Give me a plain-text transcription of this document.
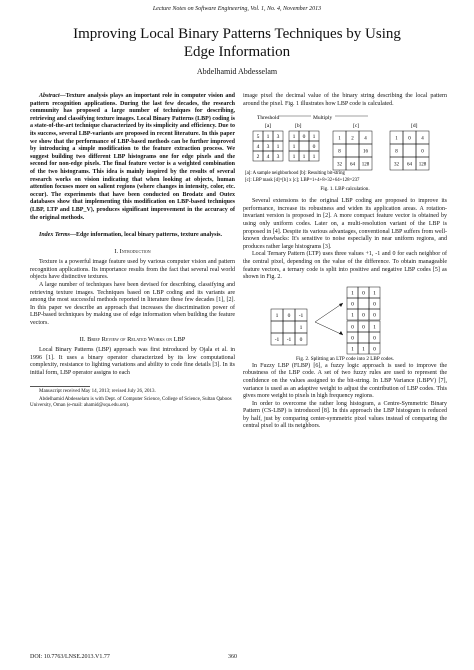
Lecture Notes on Software Engineering, Vol. 1, No. 4, November 2013
Improving Local Binary Patterns Techniques by Using
Edge Information
Abdelhamid Abdesselam

Abstract—Texture analysis plays an important role in computer vision and pattern recognition applications. During the last few decades, the research community has proposed a large number of techniques for describing, retrieving and classifying texture images. Local Binary Patterns (LBP) coding is a state-of-the-art technique characterized by its simplicity and efficiency. Due to its success, several LBP-variants are proposed in recent literature. In this paper we show that the performance of LBP-based methods can be further improved by introducing a simple modification to the feature extraction process. We suggest building two different LBP histograms one for edge pixels and the second for non-edge pixels. The final feature vector is a weighted combination of the two histograms. This idea is mainly inspired by the results of several research works on vision indicating that when looking at objects, human attention focuses more on salient regions (where changes in intensity, color, etc. occur). The experiments that have been conducted on Brodatz and Outex databases show that implementing this modification on LBP-based techniques (LBP, LTP and LBP_V), produces significant improvement in the accuracy of the original methods.

Index Terms—Edge information, local binary patterns, texture analysis.

I. Introduction

Texture is a powerful image feature used by various computer vision and pattern recognition applications. Its importance results from the fact that several real world objects have distinctive textures.

A large number of techniques have been devised for describing, classifying and retrieving texture images. Techniques based on LBP coding and its variants are among the most successful methods reported in literature these few decades [1], [2]. In this paper we describe an approach that increases the discrimination power of LBP-based techniques by making use of edge information when building the feature vectors.

II. Brief Review of Related Works on LBP

Local Binary Patterns (LBP) approach was first introduced by Ojala et al. in 1996 [1]. It uses a binary operator characterized by its low computational complexity, resistance to lighting variations and ability to code fine details [3]. In its initial form, LBP operator assigns to each

Manuscript received May 14, 2013; revised July 26, 2013.

Abdelhamid Abdesselam is with Dept. of Computer Science, College of Science, Sultan Qaboos University, Oman (e-mail: ahamid@squ.edu.om).

image pixel the decimal value of the binary string describing the local pattern around the pixel. Fig. 1 illustrates how LBP code is calculated.

Threshold	Multiply
[a]	[b]	[c]	[d]
5 1 3
4 3 1
2 4 3
1 0 1
1	0
1 1 1
1 2 4
8	16
32 64 128
1 0 4
8	0
32 64 128
[a]: A sample neighborhood [b]: Resulting bit-string
[c]: LBP mask [d]=[b] x [c]; LBP=1+4+8+32+64+128=237
Fig. 1. LBP calculation.

Several extensions to the original LBP coding are proposed to improve its performance, increase its robustness and widen its application areas. A rotation-invariant version is proposed in [2]. A more compact feature vector is obtained by using only uniform codes. Later on, a multi-resolution variant of the LBP is proposed in [4]. Despite its various advantages, conventional LBP suffers from well-known drawbacks: It's sensitive to noise especially in near uniform regions, and produces rather large histograms [3].

Local Ternary Pattern (LTP) uses three values +1, -1 and 0 for each neighbor of the central pixel, depending on the value of the difference. To obtain manageable feature vectors, a ternary code is split into positive and negative LBP codes [5] as shown in Fig. 2.

1 0 -1
1
-1 -1 0
1 0 1
0	0
1 0 0
0 0 1
0	0
1 1 0
Fig. 2. Splitting an LTP code into 2 LBP codes.

In Fuzzy LBP (FLBP) [6], a fuzzy logic approach is used to improve the robustness of the LBP code. A set of two fuzzy rules are used to represent the confidence on the values assigned to the bit-string. In LBP Variance (LBPV) [7], variance is used as an adaptive weight to adjust the contribution of LBP codes. This gives more weight to pixels in high frequency regions.

In order to overcome the rather long histogram, a Centre-Symmetric Binary Pattern (CS-LBP) is introduced [8]. In this approach the LBP histogram is reduced by half, just by comparing center-symmetric pixel values instead of comparing the central pixel to all its neighbors.

DOI: 10.7763/LNSE.2013.V1.77	360
